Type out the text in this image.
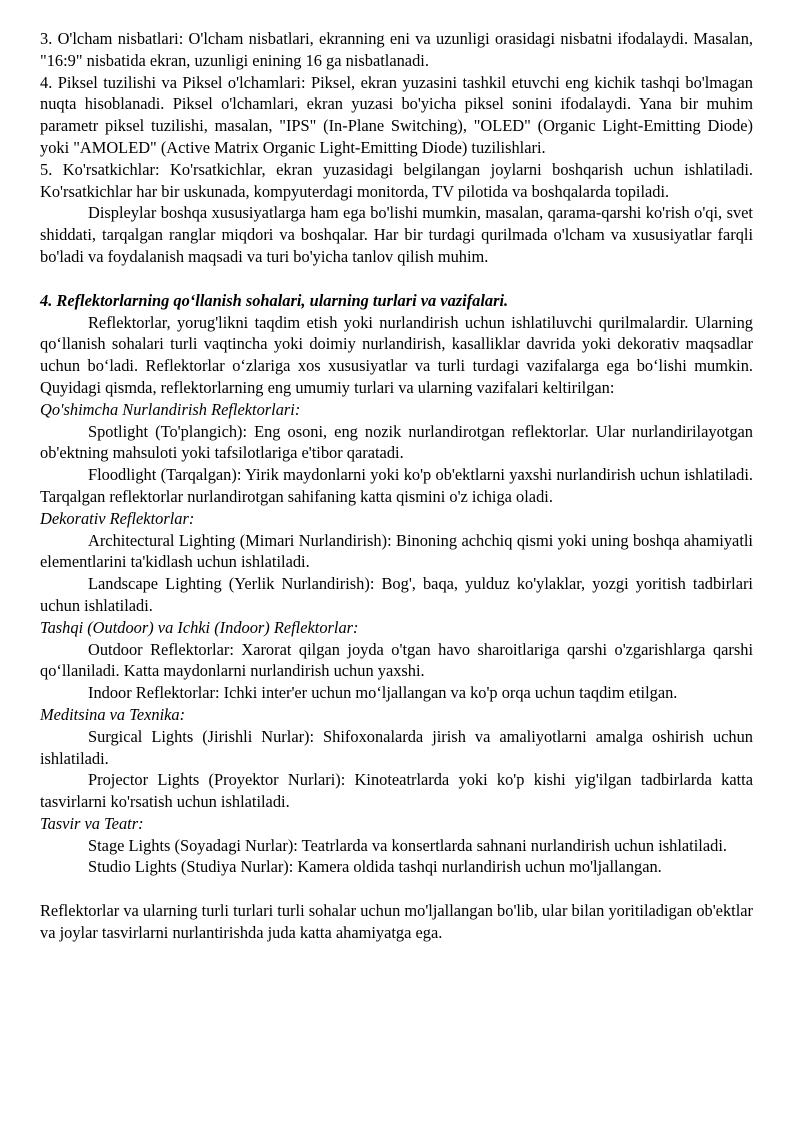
3. O'lcham nisbatlari: O'lcham nisbatlari, ekranning eni va uzunligi orasidagi nisbatni ifodalaydi. Masalan, "16:9" nisbatida ekran, uzunligi enining 16 ga nisbatlanadi.

4. Piksel tuzilishi va Piksel o'lchamlari: Piksel, ekran yuzasini tashkil etuvchi eng kichik tashqi bo'lmagan nuqta hisoblanadi. Piksel o'lchamlari, ekran yuzasi bo'yicha piksel sonini ifodalaydi. Yana bir muhim parametr piksel tuzilishi, masalan, "IPS" (In-Plane Switching), "OLED" (Organic Light-Emitting Diode) yoki "AMOLED" (Active Matrix Organic Light-Emitting Diode) tuzilishlari.

5. Ko'rsatkichlar: Ko'rsatkichlar, ekran yuzasidagi belgilangan joylarni boshqarish uchun ishlatiladi. Ko'rsatkichlar har bir uskunada, kompyuterdagi monitorda, TV pilotida va boshqalarda topiladi.

Displeylar boshqa xususiyatlarga ham ega bo'lishi mumkin, masalan, qarama-qarshi ko'rish o'qi, svet shiddati, tarqalgan ranglar miqdori va boshqalar. Har bir turdagi qurilmada o'lcham va xususiyatlar farqli bo'ladi va foydalanish maqsadi va turi bo'yicha tanlov qilish muhim.

4. Reflektorlarning qo‘llanish sohalari, ularning turlari va vazifalari.

Reflektorlar, yorug'likni taqdim etish yoki nurlandirish uchun ishlatiluvchi qurilmalardir. Ularning qo‘llanish sohalari turli vaqtincha yoki doimiy nurlandirish, kasalliklar davrida yoki dekorativ maqsadlar uchun bo‘ladi. Reflektorlar o‘zlariga xos xususiyatlar va turli turdagi vazifalarga ega bo‘lishi mumkin. Quyidagi qismda, reflektorlarning eng umumiy turlari va ularning vazifalari keltirilgan:

Qo'shimcha Nurlandirish Reflektorlari:

Spotlight (To'plangich): Eng osoni, eng nozik nurlandirotgan reflektorlar. Ular nurlandirilayotgan ob'ektning mahsuloti yoki tafsilotlariga e'tibor qaratadi.

Floodlight (Tarqalgan): Yirik maydonlarni yoki ko'p ob'ektlarni yaxshi nurlandirish uchun ishlatiladi. Tarqalgan reflektorlar nurlandirotgan sahifaning katta qismini o'z ichiga oladi.

Dekorativ Reflektorlar:

Architectural Lighting (Mimari Nurlandirish): Binoning achchiq qismi yoki uning boshqa ahamiyatli elementlarini ta'kidlash uchun ishlatiladi.

Landscape Lighting (Yerlik Nurlandirish): Bog', baqa, yulduz ko'ylaklar, yozgi yoritish tadbirlari uchun ishlatiladi.

Tashqi (Outdoor) va Ichki (Indoor) Reflektorlar:

Outdoor Reflektorlar: Xarorat qilgan joyda o'tgan havo sharoitlariga qarshi o'zgarishlarga qarshi qo‘llaniladi. Katta maydonlarni nurlandirish uchun yaxshi.

Indoor Reflektorlar: Ichki inter'er uchun mo‘ljallangan va ko'p orqa uchun taqdim etilgan.

Meditsina va Texnika:

Surgical Lights (Jirishli Nurlar): Shifoxonalarda jirish va amaliyotlarni amalga oshirish uchun ishlatiladi.

Projector Lights (Proyektor Nurlari): Kinoteatrlarda yoki ko'p kishi yig'ilgan tadbirlarda katta tasvirlarni ko'rsatish uchun ishlatiladi.

Tasvir va Teatr:

Stage Lights (Soyadagi Nurlar): Teatrlarda va konsertlarda sahnani nurlandirish uchun ishlatiladi.

Studio Lights (Studiya Nurlar): Kamera oldida tashqi nurlandirish uchun mo'ljallangan.

Reflektorlar va ularning turli turlari turli sohalar uchun mo'ljallangan bo'lib, ular bilan yoritiladigan ob'ektlar va joylar tasvirlarni nurlantirishda juda katta ahamiyatga ega.
